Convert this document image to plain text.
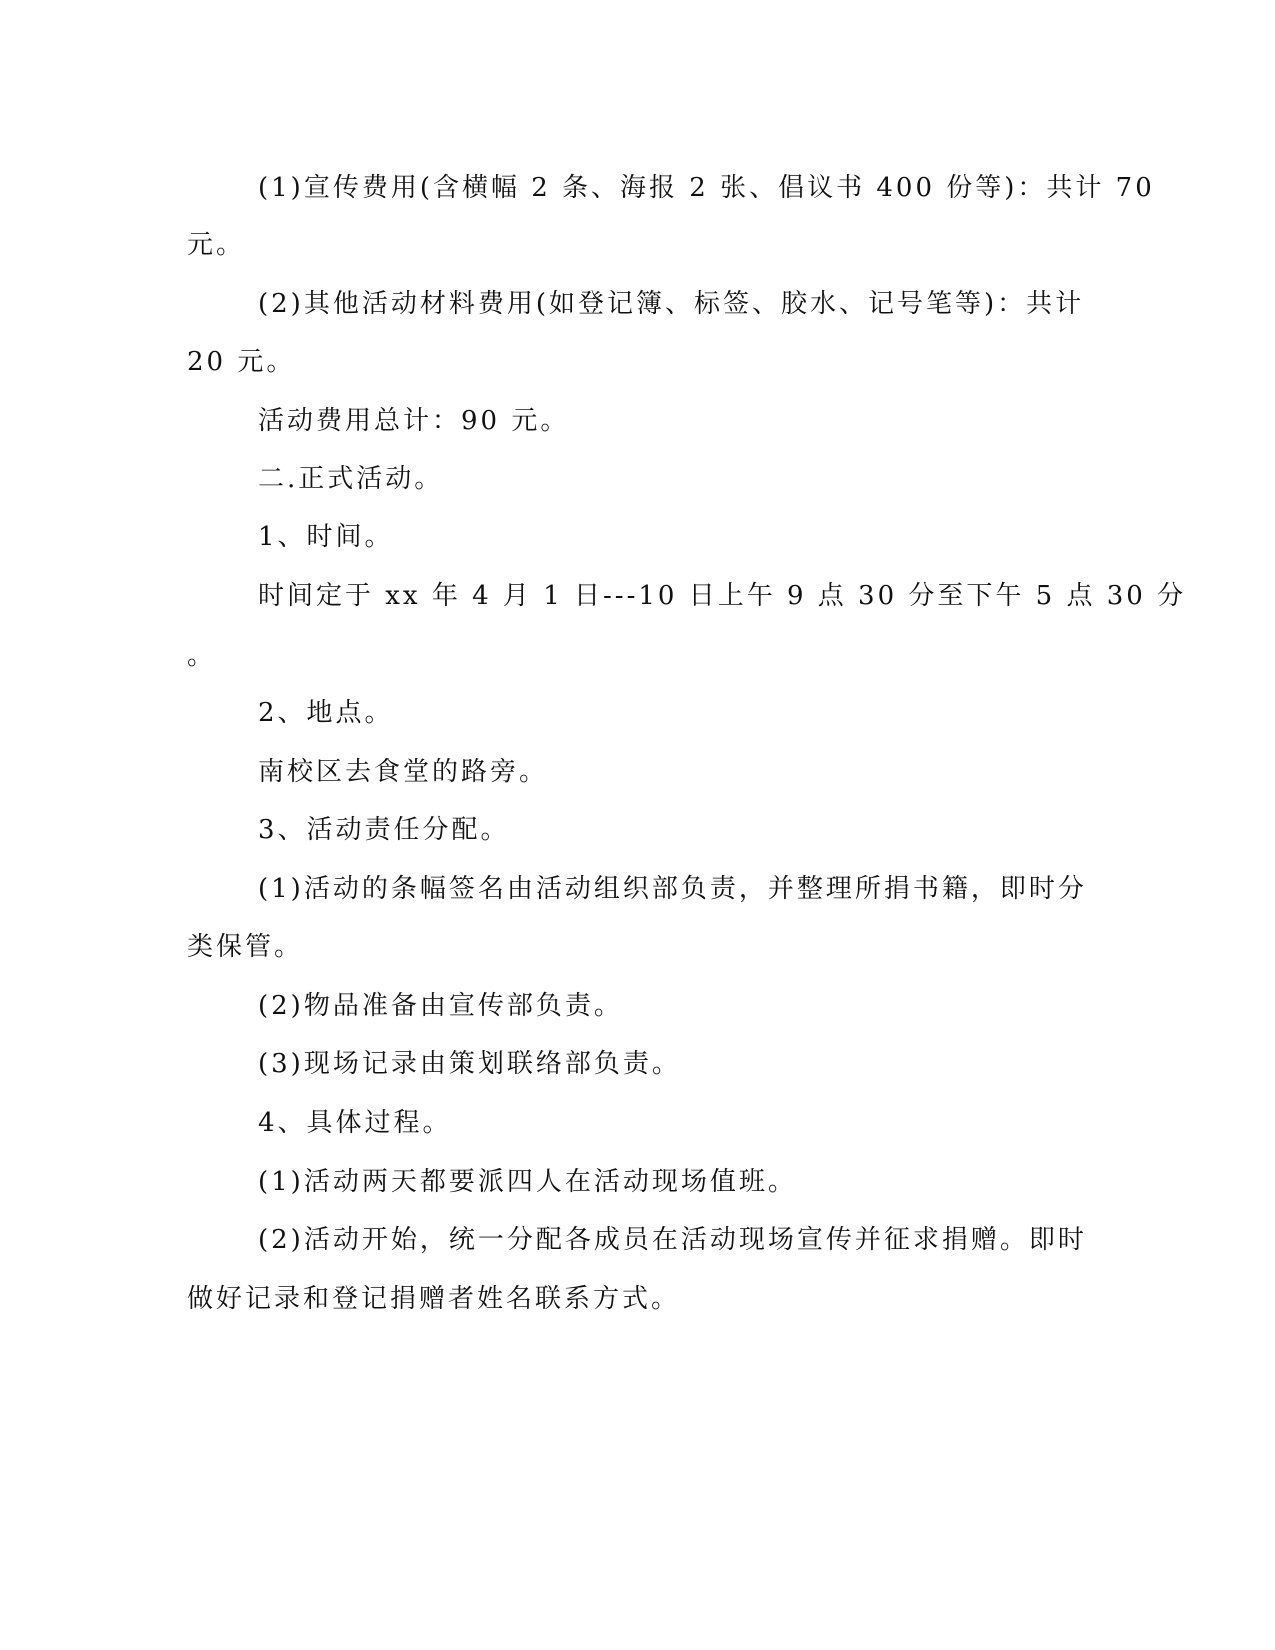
(1)宣传费用(含横幅 2 条、海报 2 张、倡议书 400 份等)：共计 70
元。
(2)其他活动材料费用(如登记簿、标签、胶水、记号笔等)：共计
20 元。
活动费用总计：90 元。
二.正式活动。
1、时间。
时间定于 xx 年 4 月 1 日---10 日上午 9 点 30 分至下午 5 点 30 分
。
2、地点。
南校区去食堂的路旁。
3、活动责任分配。
(1)活动的条幅签名由活动组织部负责，并整理所捐书籍，即时分
类保管。
(2)物品准备由宣传部负责。
(3)现场记录由策划联络部负责。
4、具体过程。
(1)活动两天都要派四人在活动现场值班。
(2)活动开始，统一分配各成员在活动现场宣传并征求捐赠。即时
做好记录和登记捐赠者姓名联系方式。
